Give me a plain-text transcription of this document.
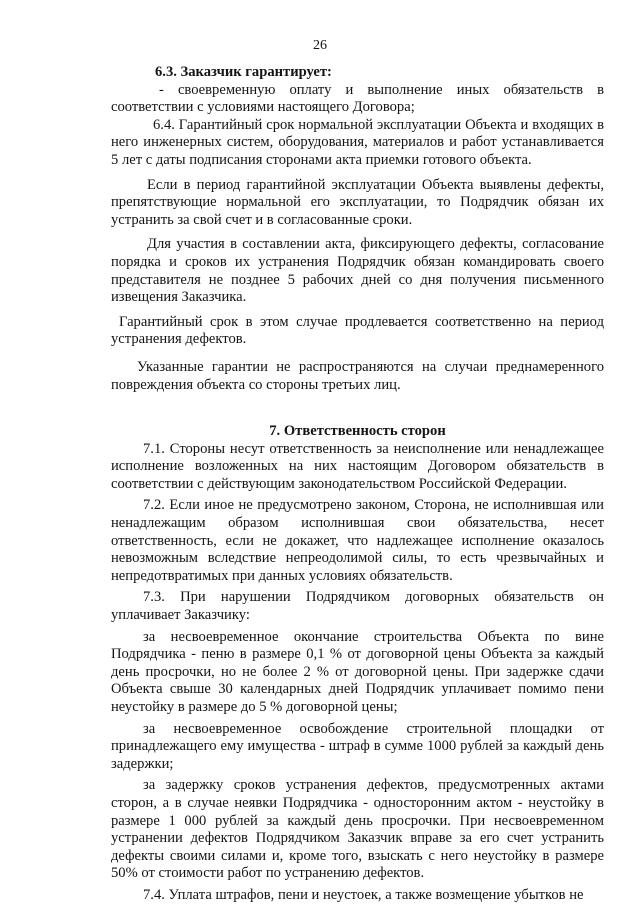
26

6.3. Заказчик гарантирует:

- своевременную оплату и выполнение иных обязательств в соответствии с условиями настоящего Договора;

6.4. Гарантийный срок нормальной эксплуатации Объекта и входящих в него инженерных систем, оборудования, материалов и работ устанавливается 5 лет с даты подписания сторонами акта приемки готового объекта.

Если в период гарантийной эксплуатации Объекта выявлены дефекты, препятствующие нормальной его эксплуатации, то Подрядчик обязан их устранить за свой счет и в согласованные сроки.

Для участия в составлении акта, фиксирующего дефекты, согласование порядка и сроков их устранения Подрядчик обязан командировать своего представителя не позднее 5 рабочих дней со дня получения письменного извещения Заказчика.

Гарантийный срок в этом случае продлевается соответственно на период устранения дефектов.

Указанные гарантии не распространяются на случаи преднамеренного повреждения объекта со стороны третьих лиц.

7. Ответственность сторон

7.1. Стороны несут ответственность за неисполнение или ненадлежащее исполнение возложенных на них настоящим Договором обязательств в соответствии с действующим законодательством Российской Федерации.

7.2. Если иное не предусмотрено законом, Сторона, не исполнившая или ненадлежащим образом исполнившая свои обязательства, несет ответственность, если не докажет, что надлежащее исполнение оказалось невозможным вследствие непреодолимой силы, то есть чрезвычайных и непредотвратимых при данных условиях обязательств.

7.3. При нарушении Подрядчиком договорных обязательств он уплачивает Заказчику:

за несвоевременное окончание строительства Объекта по вине Подрядчика - пеню в размере 0,1 % от договорной цены Объекта за каждый день просрочки, но не более 2 % от договорной цены. При задержке сдачи Объекта свыше 30 календарных дней Подрядчик уплачивает помимо пени неустойку в размере до 5 % договорной цены;

за несвоевременное освобождение строительной площадки от принадлежащего ему имущества - штраф в сумме 1000 рублей за каждый день задержки;

за задержку сроков устранения дефектов, предусмотренных актами сторон, а в случае неявки Подрядчика - односторонним актом - неустойку в размере 1 000 рублей за каждый день просрочки. При несвоевременном устранении дефектов Подрядчиком Заказчик вправе за его счет устранить дефекты своими силами и, кроме того, взыскать с него неустойку в размере 50% от стоимости работ по устранению дефектов.

7.4. Уплата штрафов, пени и неустоек, а также возмещение убытков не
